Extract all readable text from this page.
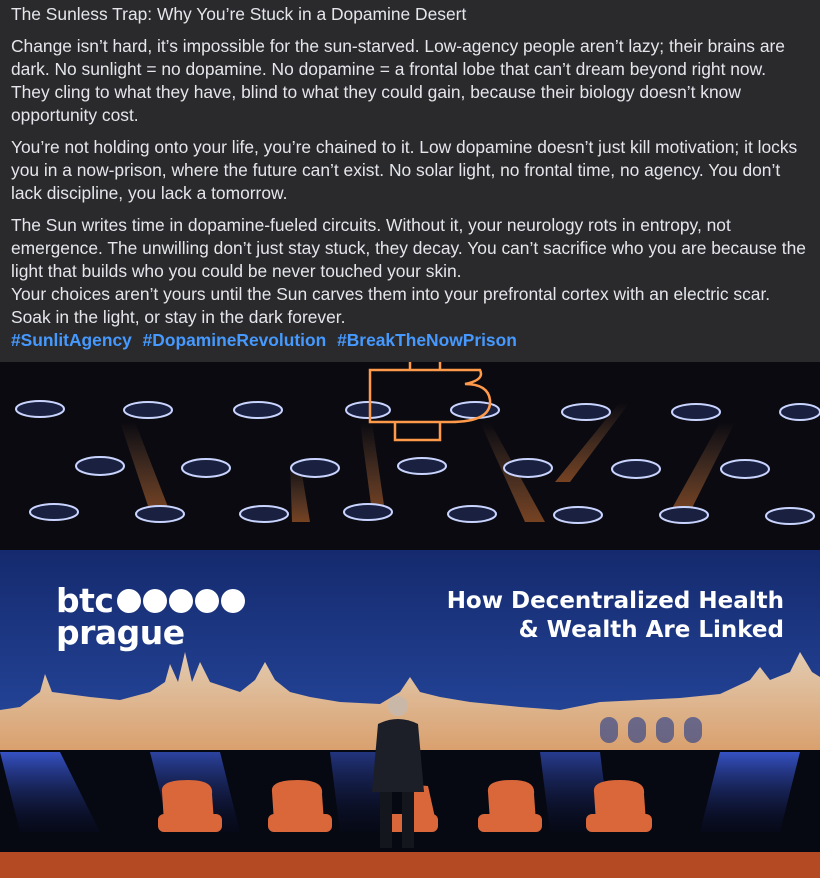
The Sunless Trap: Why You’re Stuck in a Dopamine Desert

Change isn’t hard, it’s impossible for the sun-starved. Low-agency people aren’t lazy; their brains are dark. No sunlight = no dopamine. No dopamine = a frontal lobe that can’t dream beyond right now. They cling to what they have, blind to what they could gain, because their biology doesn’t know opportunity cost.

You’re not holding onto your life, you’re chained to it. Low dopamine doesn’t just kill motivation; it locks you in a now-prison, where the future can’t exist. No solar light, no frontal time, no agency. You don’t lack discipline, you lack a tomorrow.

The Sun writes time in dopamine-fueled circuits. Without it, your neurology rots in entropy, not emergence. The unwilling don’t just stay stuck, they decay. You can’t sacrifice who you are because the light that builds who you could be never touched your skin.

Your choices aren’t yours until the Sun carves them into your prefrontal cortex with an electric scar. Soak in the light, or stay in the dark forever.

#SunlitAgency #DopamineRevolution #BreakTheNowPrison

btc
prague
How Decentralized Health
& Wealth Are Linked
